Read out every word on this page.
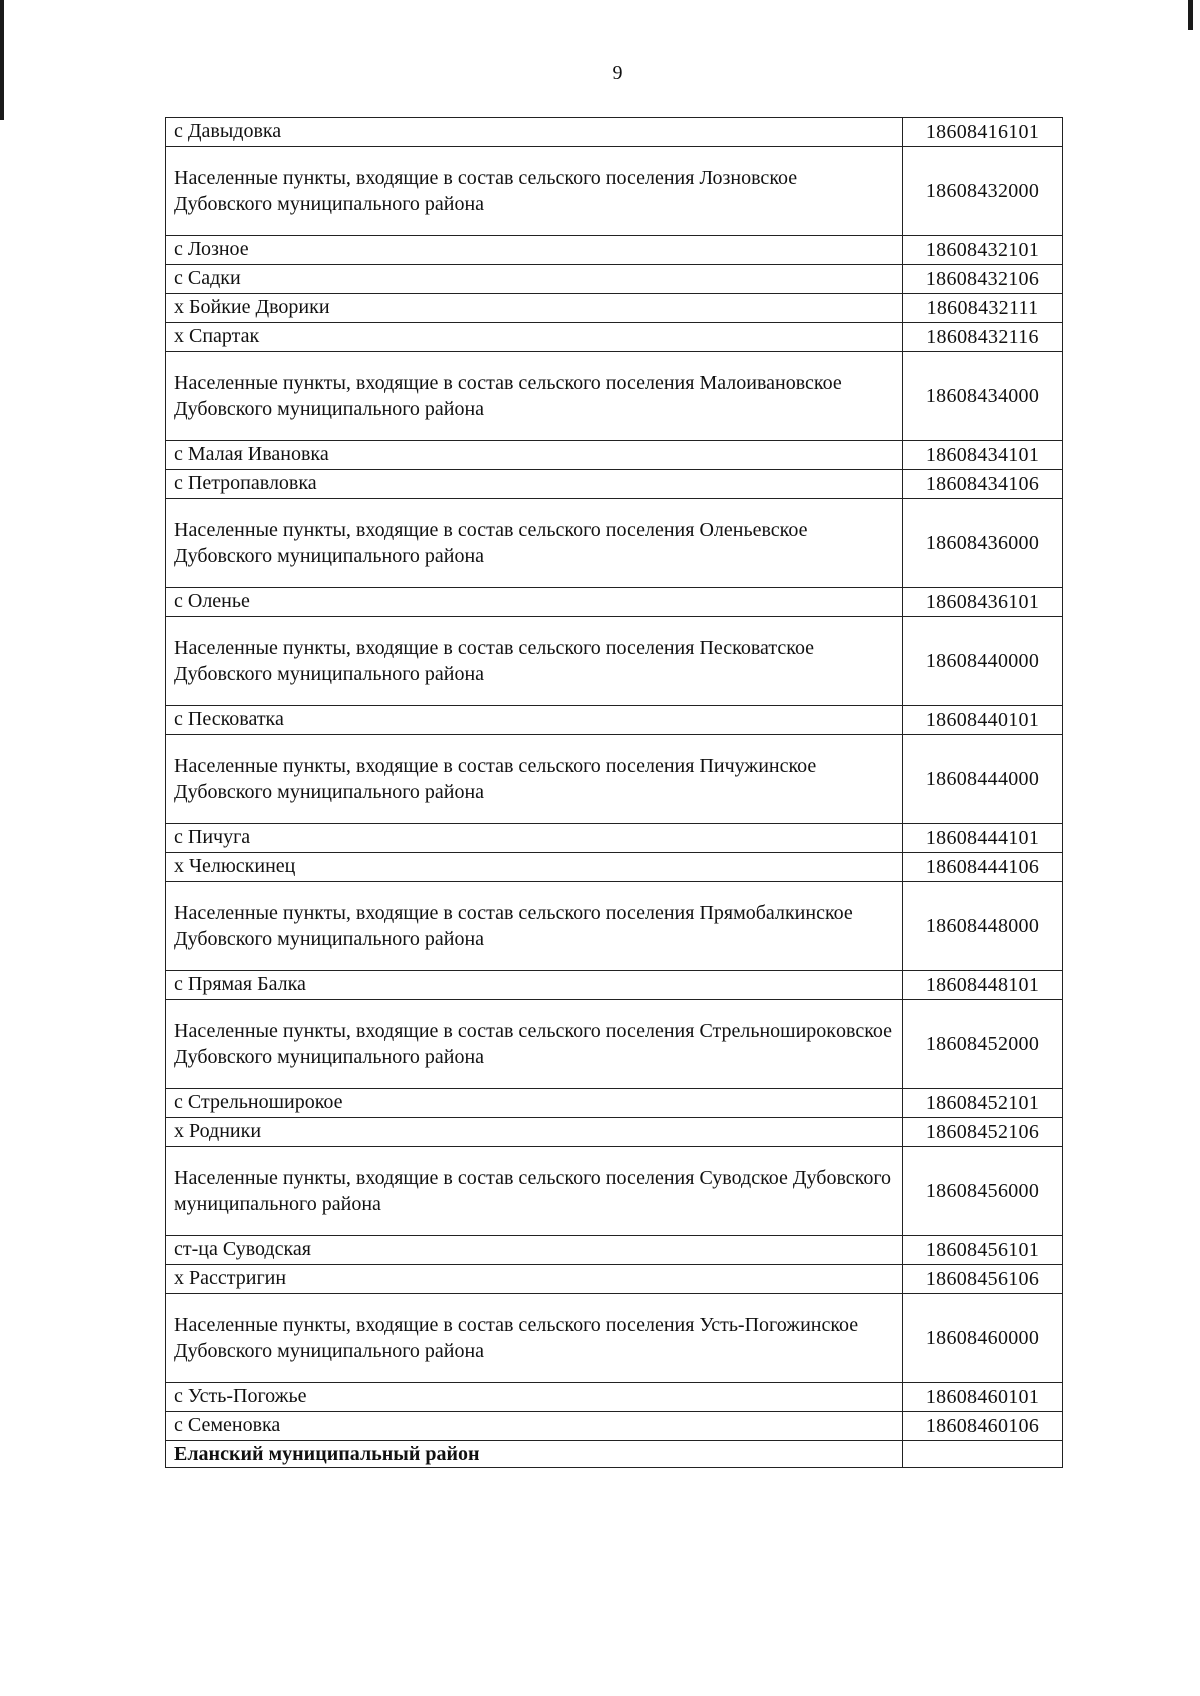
9
с Давыдовка	18608416101
Населенные пункты, входящие в состав сельского поселения Лозновское Дубовского муниципального района	18608432000
с Лозное	18608432101
с Садки	18608432106
х Бойкие Дворики	18608432111
х Спартак	18608432116
Населенные пункты, входящие в состав сельского поселения Малоивановское Дубовского муниципального района	18608434000
с Малая Ивановка	18608434101
с Петропавловка	18608434106
Населенные пункты, входящие в состав сельского поселения Оленьевское Дубовского муниципального района	18608436000
с Оленье	18608436101
Населенные пункты, входящие в состав сельского поселения Песковатское Дубовского муниципального района	18608440000
с Песковатка	18608440101
Населенные пункты, входящие в состав сельского поселения Пичужинское Дубовского муниципального района	18608444000
с Пичуга	18608444101
х Челюскинец	18608444106
Населенные пункты, входящие в состав сельского поселения Прямобалкинское Дубовского муниципального района	18608448000
с Прямая Балка	18608448101
Населенные пункты, входящие в состав сельского поселения Стрельноширокoвское Дубовского муниципального района	18608452000
с Стрельноширокое	18608452101
х Родники	18608452106
Населенные пункты, входящие в состав сельского поселения Суводское Дубовского муниципального района	18608456000
ст-ца Суводская	18608456101
х Расстригин	18608456106
Населенные пункты, входящие в состав сельского поселения Усть-Погожинское Дубовского муниципального района	18608460000
с Усть-Погожье	18608460101
с Семеновка	18608460106
Еланский муниципальный район	
